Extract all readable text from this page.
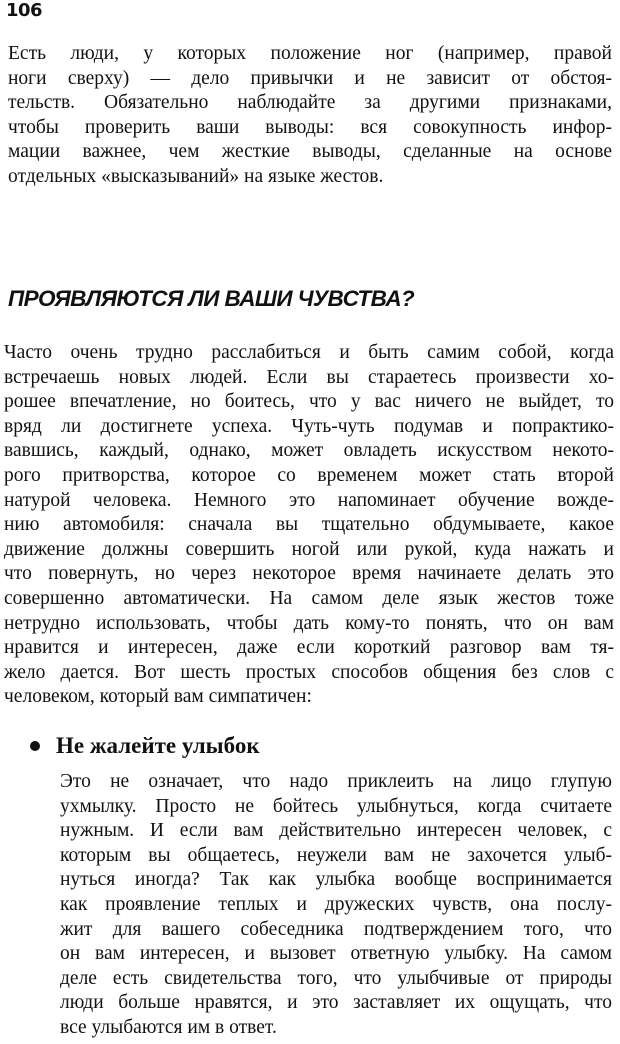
106

Есть люди, у которых положение ног (например, правой
ноги сверху) — дело привычки и не зависит от обстоя-
тельств. Обязательно наблюдайте за другими признаками,
чтобы проверить ваши выводы: вся совокупность инфор-
мации важнее, чем жесткие выводы, сделанные на основе
отдельных «высказываний» на языке жестов.

ПРОЯВЛЯЮТСЯ ЛИ ВАШИ ЧУВСТВА?

Часто очень трудно расслабиться и быть самим собой, когда
встречаешь новых людей. Если вы стараетесь произвести хо-
рошее впечатление, но боитесь, что у вас ничего не выйдет, то
вряд ли достигнете успеха. Чуть-чуть подумав и попрактико-
вавшись, каждый, однако, может овладеть искусством некото-
рого притворства, которое со временем может стать второй
натурой человека. Немного это напоминает обучение вожде-
нию автомобиля: сначала вы тщательно обдумываете, какое
движение должны совершить ногой или рукой, куда нажать и
что повернуть, но через некоторое время начинаете делать это
совершенно автоматически. На самом деле язык жестов тоже
нетрудно использовать, чтобы дать кому-то понять, что он вам
нравится и интересен, даже если короткий разговор вам тя-
жело дается. Вот шесть простых способов общения без слов с
человеком, который вам симпатичен:

Не жалейте улыбок

Это не означает, что надо приклеить на лицо глупую
ухмылку. Просто не бойтесь улыбнуться, когда считаете
нужным. И если вам действительно интересен человек, с
которым вы общаетесь, неужели вам не захочется улыб-
нуться иногда? Так как улыбка вообще воспринимается
как проявление теплых и дружеских чувств, она послу-
жит для вашего собеседника подтверждением того, что
он вам интересен, и вызовет ответную улыбку. На самом
деле есть свидетельства того, что улыбчивые от природы
люди больше нравятся, и это заставляет их ощущать, что
все улыбаются им в ответ.
